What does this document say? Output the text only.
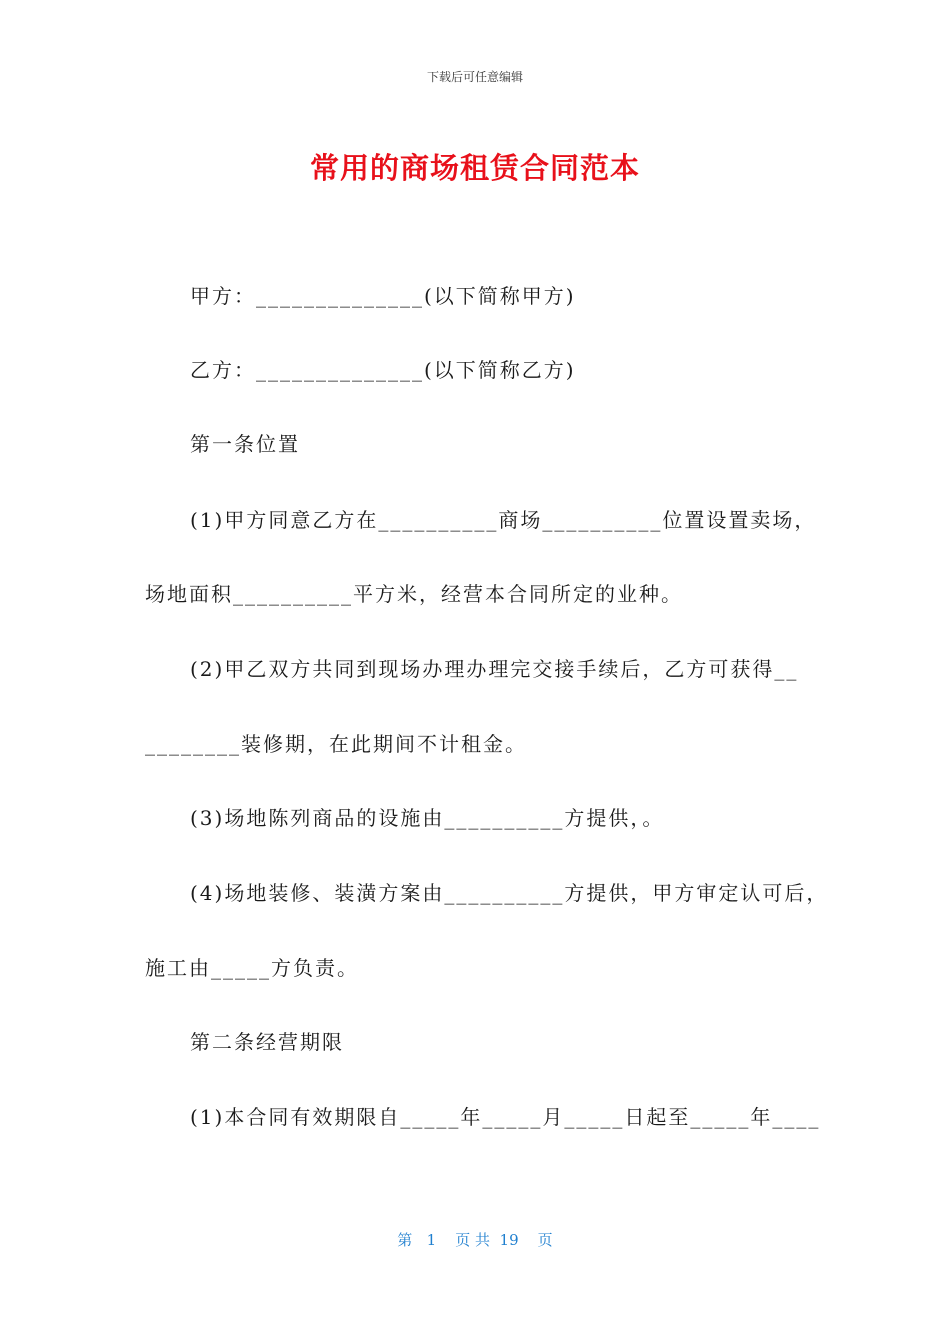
下载后可任意编辑
常用的商场租赁合同范本
甲方：______________(以下简称甲方)
乙方：______________(以下简称乙方)
第一条位置
(1)甲方同意乙方在__________商场__________位置设置卖场，
场地面积__________平方米，经营本合同所定的业种。
(2)甲乙双方共同到现场办理办理完交接手续后，乙方可获得__
________装修期，在此期间不计租金。
(3)场地陈列商品的设施由__________方提供，。
(4)场地装修、装潢方案由__________方提供，甲方审定认可后，
施工由_____方负责。
第二条经营期限
(1)本合同有效期限自_____年_____月_____日起至_____年____
第   1    页 共  19    页
